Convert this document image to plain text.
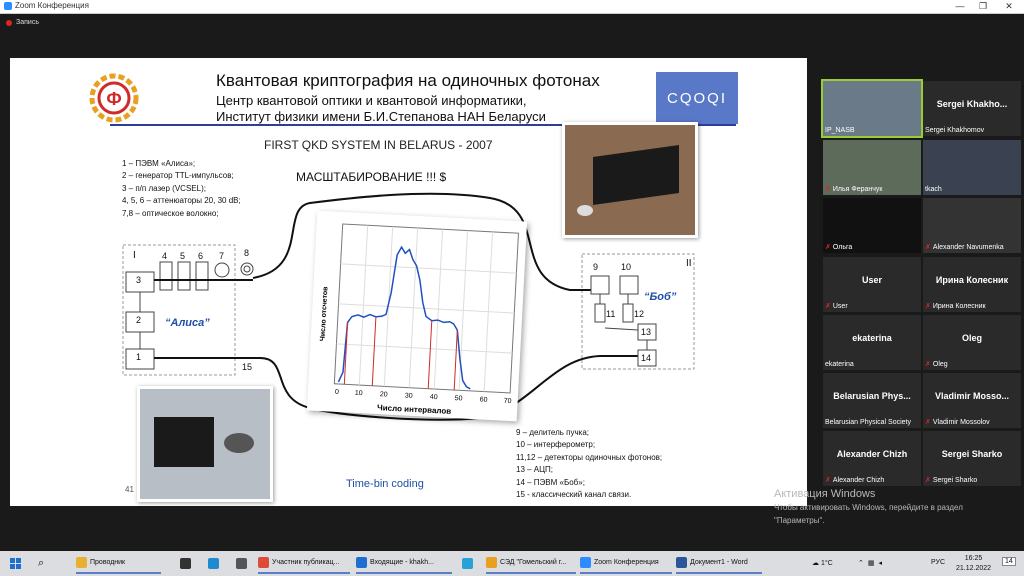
Zoom Конференция	—	❐	✕
Запись
Ф
Квантовая криптография на одиночных фотонах
Центр квантовой оптики и квантовой информатики,
Институт физики имени Б.И.Степанова НАН Беларуси
CQOQI
FIRST QKD SYSTEM IN BELARUS - 2007
МАСШТАБИРОВАНИЕ !!! $
1 – ПЭВМ «Алиса»;
2 – генератор TTL-импульсов;
3 – п/п лазер (VCSEL);
4, 5, 6 – аттенюаторы 20, 30 dB;
7,8 – оптическое волокно;
3
2
1
4 5 6 7 8
9	10
11 12
13
14
I
II
“Алиса”
“Боб”
15
0 10 20 30 40 50 60 70
Число интервалов
Число отсчетов
9 – делитель пучка;
10 – интерферометр;
11,12 – детекторы одиночных фотонов;
13 – АЦП;
14 – ПЭВМ «Боб»;
15 - классический канал связи.
Time-bin coding
41
IP_NASB
Sergei Khakho...
Sergei Khakhomov
✗ Илья Феранчук	tkach
✗ Ольга	✗ Alexander Navumenka
User
✗ User
Ирина Колесник
✗ Ирина Колесник
ekaterina
ekaterina
Oleg
✗ Oleg
Belarusian Phys...
Belarusian Physical Society
Vladimir Mosso...
✗ Vladimir Mossolov
Alexander Chizh
✗ Alexander Chizh
Sergei Sharko
✗ Sergei Sharko
Активация Windows
Чтобы активировать Windows, перейдите в раздел
"Параметры".
⌕	Проводник	Участник публикац...	Входящие - khakh...	СЭД "Гомельский г...	Zoom Конференция	Документ1 - Word	☁ 1°C	⌃▦◂	РУС
16:25
21.12.2022
14
